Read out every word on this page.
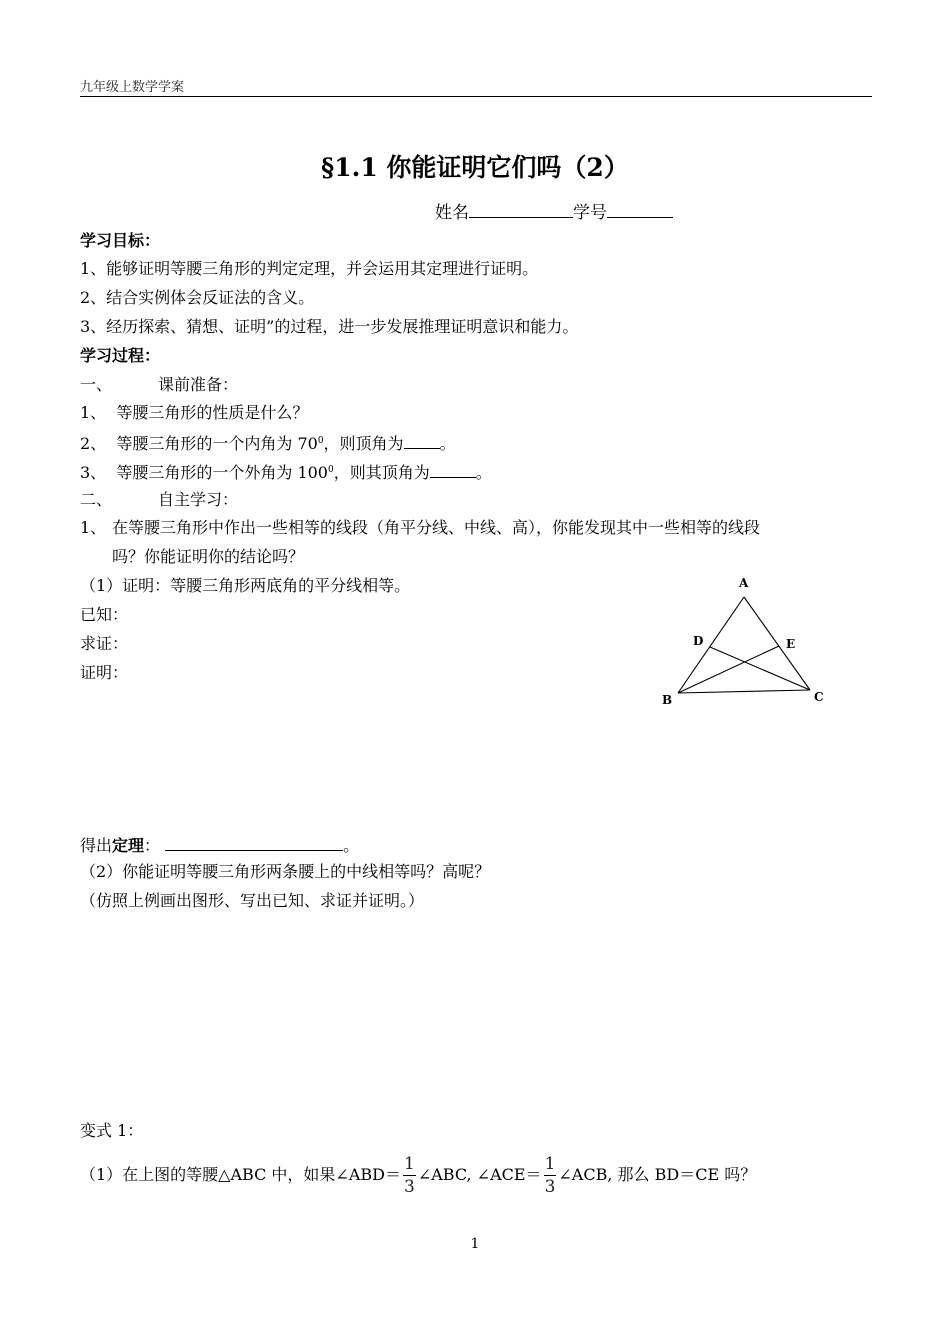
九年级上数学学案
§1.1 你能证明它们吗（2）
姓名	学号
学习目标：
1、能够证明等腰三角形的判定定理，并会运用其定理进行证明。
2、结合实例体会反证法的含义。
3、经历探索、猜想、证明”的过程，进一步发展推理证明意识和能力。
学习过程：
一、	课前准备：
1、 等腰三角形的性质是什么？
2、 等腰三角形的一个内角为 $70^0$，则顶角为 。
3、 等腰三角形的一个外角为 $100^0$，则其顶角为	。
二、	自主学习：
1、 在等腰三角形中作出一些相等的线段（角平分线、中线、高），你能发现其中一些相等的线段
吗？你能证明你的结论吗？
（1）证明：等腰三角形两底角的平分线相等。
已知：
求证：
证明：
A
B	C
D	E
得出定理：	。
（2）你能证明等腰三角形两条腰上的中线相等吗？高呢？
（仿照上例画出图形、写出已知、求证并证明。）
变式 1：
（1）在上图的等腰△ABC 中，如果∠ABD＝ $\frac{1}{3}$ ∠ABC, ∠ACE＝ $\frac{1}{3}$ ∠ACB, 那么 BD＝CE 吗？
1
